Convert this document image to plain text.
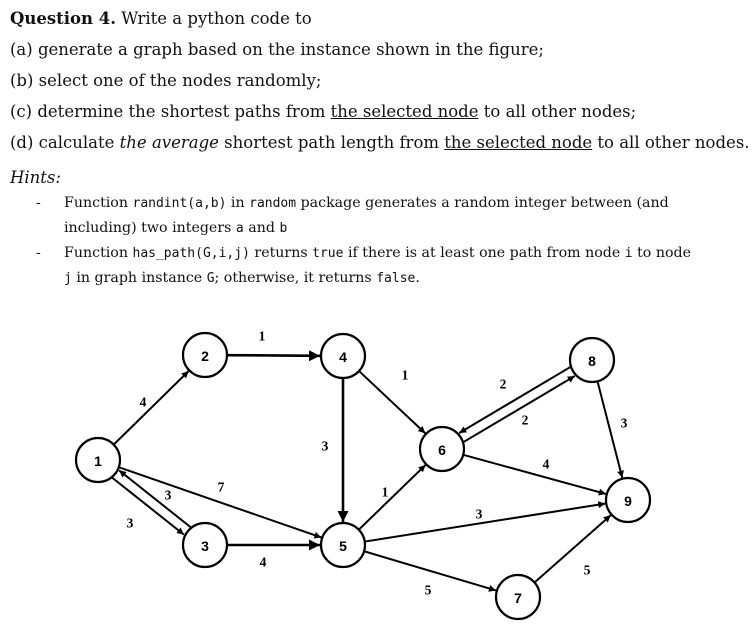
Question 4. Write a python code to
(a) generate a graph based on the instance shown in the figure;
(b) select one of the nodes randomly;
(c) determine the shortest paths from the selected node to all other nodes;
(d) calculate the average shortest path length from the selected node to all other nodes.
Hints:
- Function randint(a,b) in random package generates a random integer between (and
including) two integers a and b
- Function has_path(G,i,j) returns true if there is at least one path from node i to node
j in graph instance G; otherwise, it returns false.
1
2
3
4
5
6
7
8
9
4
1
3
3
7
4
3
1
1
3
5
2
2
4
3
5
